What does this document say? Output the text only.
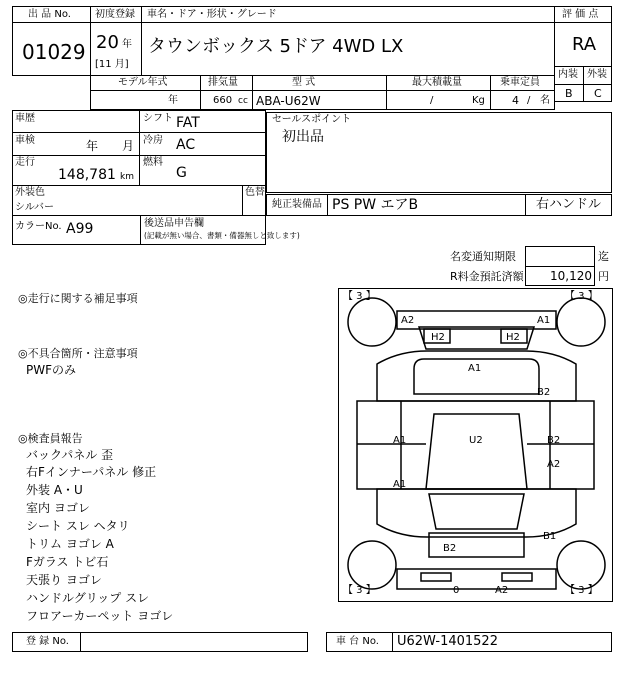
出 品 No.
01029
初度登録
20 年
[11 月]
車名・ドア・形状・グレード
タウンボックス 5ドア 4WD LX
評 価 点
RA
内装 外装
B C
モデル年式
年
排気量
660 cc
型 式
ABA-U62W
最大積載量
/	Kg
乗車定員
4 / 名
車歴	シフト FAT
車検	年 月 冷房 AC
走行
148,781 km
燃料
G
外装色
シルバー
色替
カラーNo. A99	後送品申告欄
(記載が無い場合、書類・備器無しと致します)
セールスポイント
初出品
純正装備品 PS PW エアB	右ハンドル
名変通知期限	迄
R料金預託済額 10,120 円
◎走行に関する補足事項
◎不具合箇所・注意事項
PWFのみ
◎検査員報告
バックパネル 歪
右Fインナーパネル 修正
外装 A・U
室内 ヨゴレ
シート スレ ヘタリ
トリム ヨゴレ A
Fガラス トビ石
天張り ヨゴレ
ハンドルグリップ スレ
フロアーカーペット ヨゴレ
【 3 】	【 3 】
【 3 】	【 3 】
A2	A1
H2	H2
A1
B2
A1	U2	B2
A2
A1
B1
B2
0	A2
登 録 No.	車 台 No. U62W-1401522
